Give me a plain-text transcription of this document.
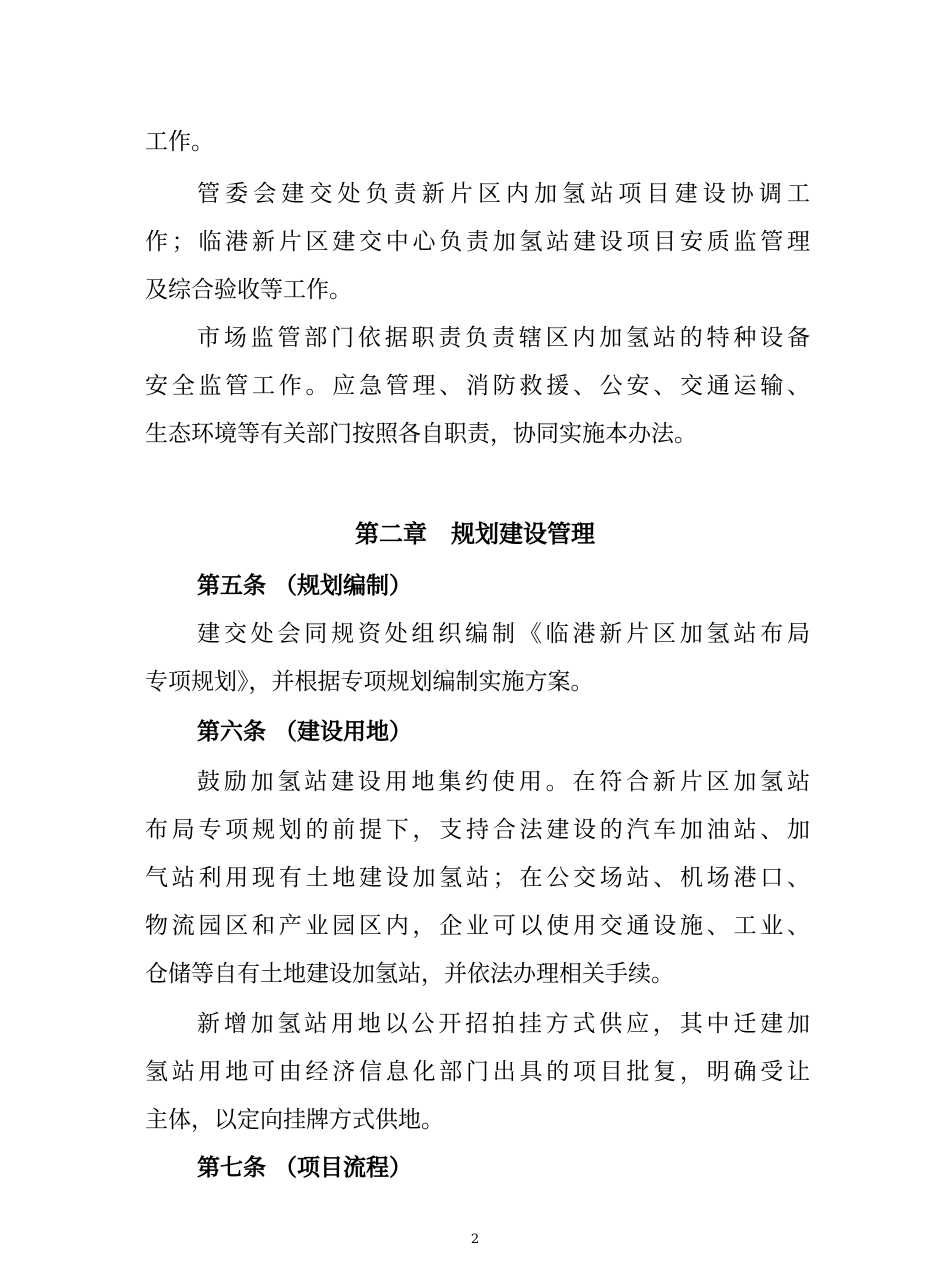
工作。
管委会建交处负责新片区内加氢站项目建设协调工
作；临港新片区建交中心负责加氢站建设项目安质监管理
及综合验收等工作。
市场监管部门依据职责负责辖区内加氢站的特种设备
安全监管工作。应急管理、消防救援、公安、交通运输、
生态环境等有关部门按照各自职责，协同实施本办法。
第二章　规划建设管理
第五条 （规划编制）
建交处会同规资处组织编制《临港新片区加氢站布局
专项规划》，并根据专项规划编制实施方案。
第六条 （建设用地）
鼓励加氢站建设用地集约使用。在符合新片区加氢站
布局专项规划的前提下，支持合法建设的汽车加油站、加
气站利用现有土地建设加氢站；在公交场站、机场港口、
物流园区和产业园区内，企业可以使用交通设施、工业、
仓储等自有土地建设加氢站，并依法办理相关手续。
新增加氢站用地以公开招拍挂方式供应，其中迁建加
氢站用地可由经济信息化部门出具的项目批复，明确受让
主体，以定向挂牌方式供地。
第七条 （项目流程）
2
